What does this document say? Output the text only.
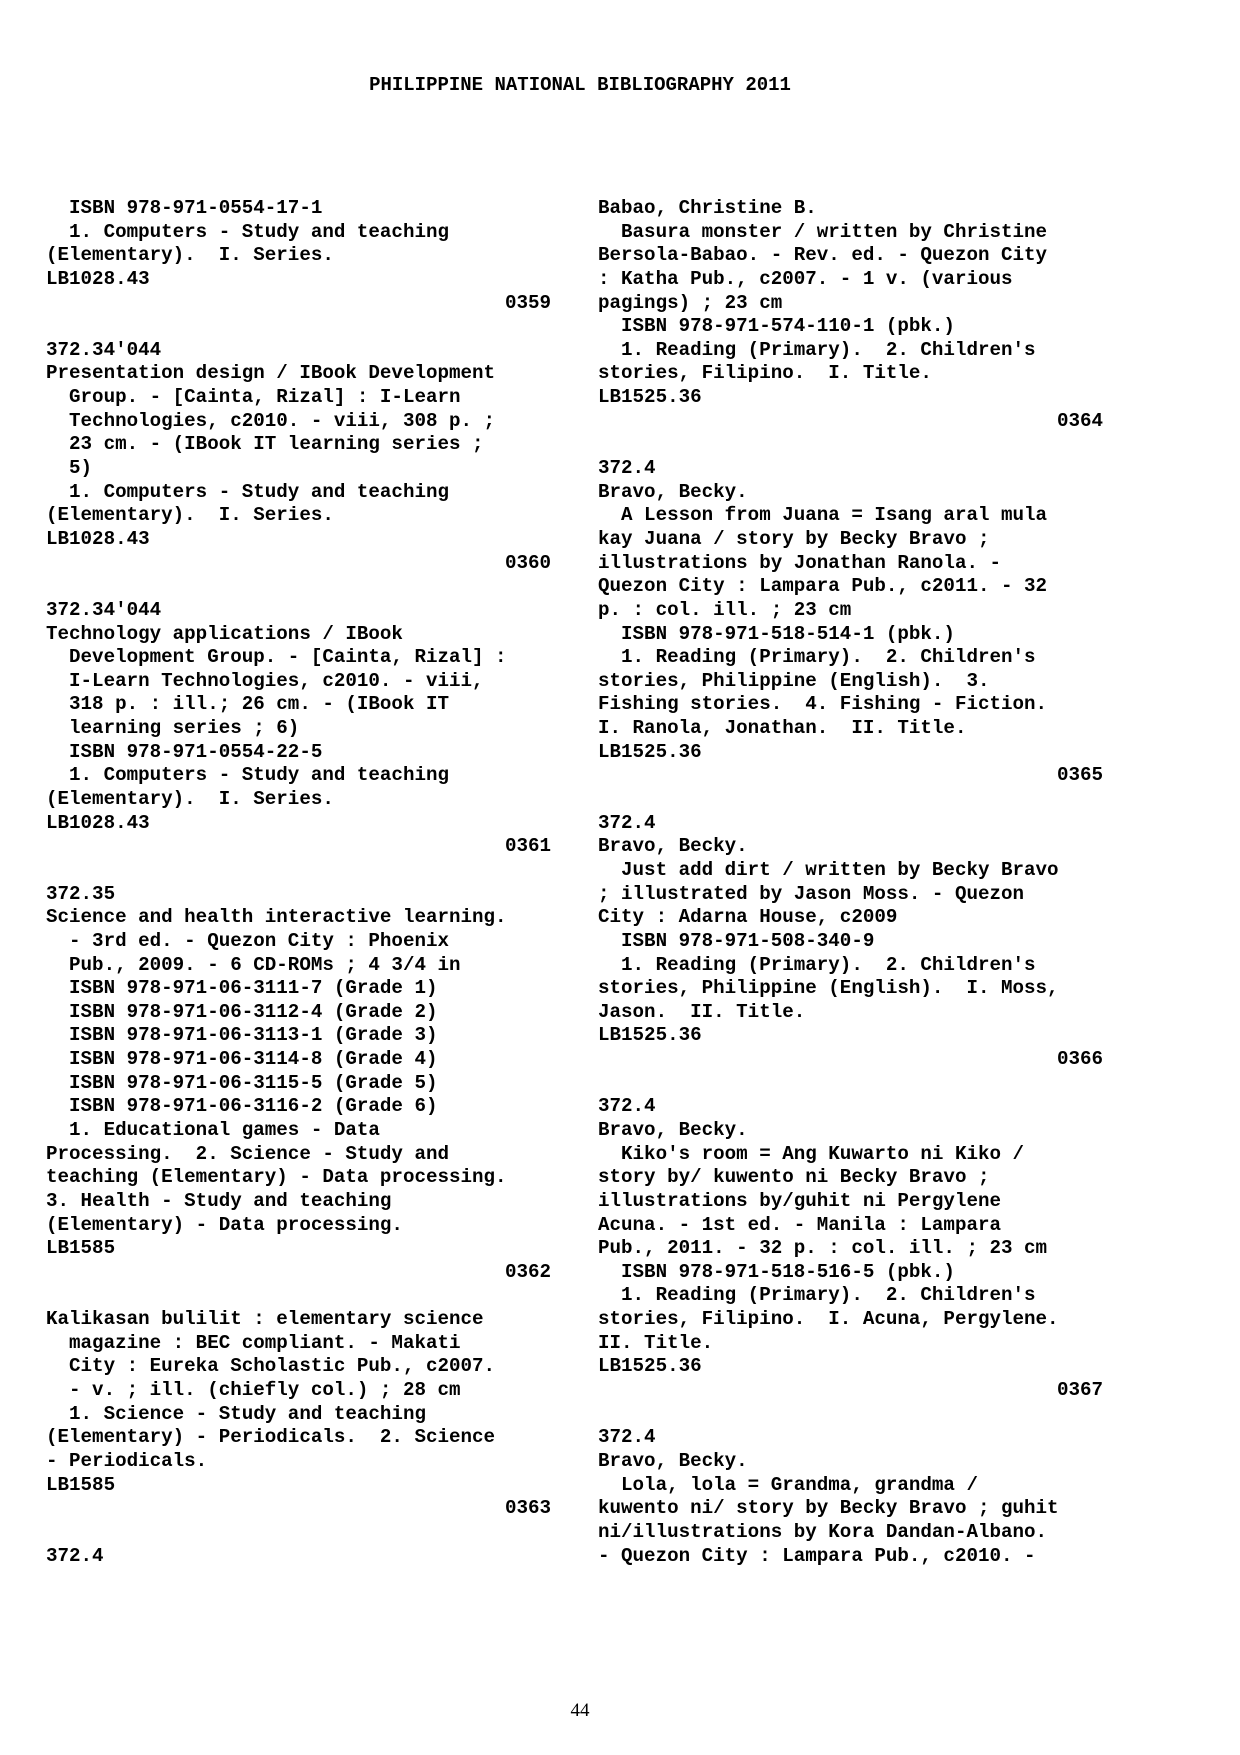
PHILIPPINE NATIONAL BIBLIOGRAPHY 2011
ISBN 978-971-0554-17-1
1. Computers - Study and teaching
(Elementary).  I. Series.
LB1028.43
0359
372.34'044
Presentation design / IBook Development
Group. - [Cainta, Rizal] : I-Learn
Technologies, c2010. - viii, 308 p. ;
23 cm. - (IBook IT learning series ;
5)
1. Computers - Study and teaching
(Elementary).  I. Series.
LB1028.43
0360
372.34'044
Technology applications / IBook
Development Group. - [Cainta, Rizal] :
I-Learn Technologies, c2010. - viii,
318 p. : ill.; 26 cm. - (IBook IT
learning series ; 6)
ISBN 978-971-0554-22-5
1. Computers - Study and teaching
(Elementary).  I. Series.
LB1028.43
0361
372.35
Science and health interactive learning.
- 3rd ed. - Quezon City : Phoenix
Pub., 2009. - 6 CD-ROMs ; 4 3/4 in
ISBN 978-971-06-3111-7 (Grade 1)
ISBN 978-971-06-3112-4 (Grade 2)
ISBN 978-971-06-3113-1 (Grade 3)
ISBN 978-971-06-3114-8 (Grade 4)
ISBN 978-971-06-3115-5 (Grade 5)
ISBN 978-971-06-3116-2 (Grade 6)
1. Educational games - Data
Processing.  2. Science - Study and
teaching (Elementary) - Data processing.
3. Health - Study and teaching
(Elementary) - Data processing.
LB1585
0362
Kalikasan bulilit : elementary science
magazine : BEC compliant. - Makati
City : Eureka Scholastic Pub., c2007.
- v. ; ill. (chiefly col.) ; 28 cm
1. Science - Study and teaching
(Elementary) - Periodicals.  2. Science
- Periodicals.
LB1585
0363
372.4
Babao, Christine B.
Basura monster / written by Christine
Bersola-Babao. - Rev. ed. - Quezon City
: Katha Pub., c2007. - 1 v. (various
pagings) ; 23 cm
ISBN 978-971-574-110-1 (pbk.)
1. Reading (Primary).  2. Children's
stories, Filipino.  I. Title.
LB1525.36
0364
372.4
Bravo, Becky.
A Lesson from Juana = Isang aral mula
kay Juana / story by Becky Bravo ;
illustrations by Jonathan Ranola. -
Quezon City : Lampara Pub., c2011. - 32
p. : col. ill. ; 23 cm
ISBN 978-971-518-514-1 (pbk.)
1. Reading (Primary).  2. Children's
stories, Philippine (English).  3.
Fishing stories.  4. Fishing - Fiction.
I. Ranola, Jonathan.  II. Title.
LB1525.36
0365
372.4
Bravo, Becky.
Just add dirt / written by Becky Bravo
; illustrated by Jason Moss. - Quezon
City : Adarna House, c2009
ISBN 978-971-508-340-9
1. Reading (Primary).  2. Children's
stories, Philippine (English).  I. Moss,
Jason.  II. Title.
LB1525.36
0366
372.4
Bravo, Becky.
Kiko's room = Ang Kuwarto ni Kiko /
story by/ kuwento ni Becky Bravo ;
illustrations by/guhit ni Pergylene
Acuna. - 1st ed. - Manila : Lampara
Pub., 2011. - 32 p. : col. ill. ; 23 cm
ISBN 978-971-518-516-5 (pbk.)
1. Reading (Primary).  2. Children's
stories, Filipino.  I. Acuna, Pergylene.
II. Title.
LB1525.36
0367
372.4
Bravo, Becky.
Lola, lola = Grandma, grandma /
kuwento ni/ story by Becky Bravo ; guhit
ni/illustrations by Kora Dandan-Albano.
- Quezon City : Lampara Pub., c2010. -
44
